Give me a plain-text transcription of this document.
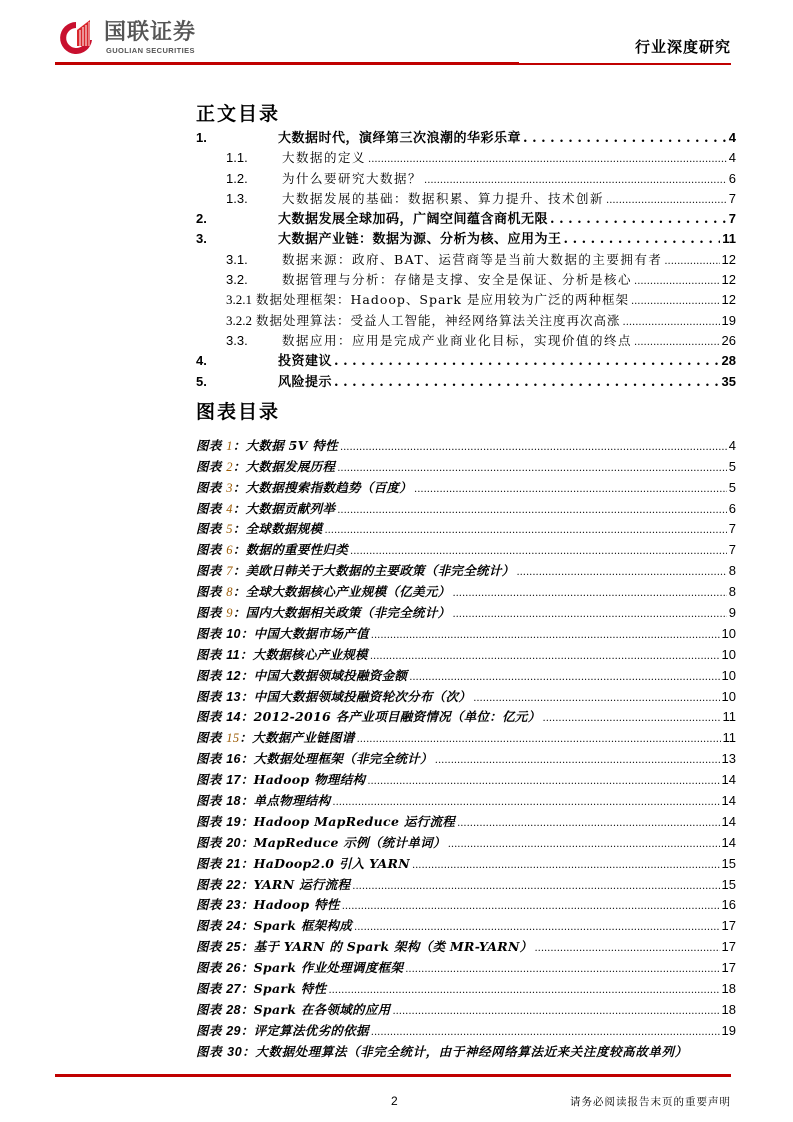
国联证券
GUOLIAN SECURITIES	行业深度研究
正文目录
1.	大数据时代，演绎第三次浪潮的华彩乐章 . . .	4
1.1.	大数据的定义 .....	4
1.2.	为什么要研究大数据？ .....	6
1.3.	大数据发展的基础：数据积累、算力提升、技术创新 .....	7
2.	大数据发展全球加码，广阔空间蕴含商机无限 . . .	7
3.	大数据产业链：数据为源、分析为核、应用为王 . . .	11
3.1.	数据来源：政府、BAT、运营商等是当前大数据的主要拥有者 .....	12
3.2.	数据管理与分析：存储是支撑、安全是保证、分析是核心 .....	12
3.2.1 数据处理框架：Hadoop、Spark 是应用较为广泛的两种框架 .....	12
3.2.2 数据处理算法：受益人工智能，神经网络算法关注度再次高涨 .....	19
3.3.	数据应用：应用是完成产业商业化目标，实现价值的终点 .....	26
4.	投资建议 . . .	28
5.	风险提示 . . .	35
图表目录
图表 1：大数据 5V 特性 .....	4
图表 2：大数据发展历程 .....	5
图表 3：大数据搜索指数趋势（百度） .....	5
图表 4：大数据贡献列举 .....	6
图表 5：全球数据规模 .....	7
图表 6：数据的重要性归类 .....	7
图表 7：美欧日韩关于大数据的主要政策（非完全统计） .....	8
图表 8：全球大数据核心产业规模（亿美元） .....	8
图表 9：国内大数据相关政策（非完全统计） .....	9
图表 10：中国大数据市场产值 .....	10
图表 11：大数据核心产业规模 .....	10
图表 12：中国大数据领域投融资金额 .....	10
图表 13：中国大数据领域投融资轮次分布（次） .....	10
图表 14：2012-2016 各产业项目融资情况（单位：亿元） .....	11
图表 15：大数据产业链图谱 .....	11
图表 16：大数据处理框架（非完全统计） .....	13
图表 17：Hadoop 物理结构 .....	14
图表 18：单点物理结构 .....	14
图表 19：Hadoop MapReduce 运行流程 .....	14
图表 20：MapReduce 示例（统计单词） .....	14
图表 21：HaDoop2.0 引入 YARN .....	15
图表 22：YARN 运行流程 .....	15
图表 23：Hadoop 特性 .....	16
图表 24：Spark 框架构成 .....	17
图表 25：基于 YARN 的 Spark 架构（类 MR-YARN） .....	17
图表 26：Spark 作业处理调度框架 .....	17
图表 27：Spark 特性 .....	18
图表 28：Spark 在各领域的应用 .....	18
图表 29：评定算法优劣的依据 .....	19
图表 30：大数据处理算法（非完全统计，由于神经网络算法近来关注度较高故单列）
2	请务必阅读报告末页的重要声明
